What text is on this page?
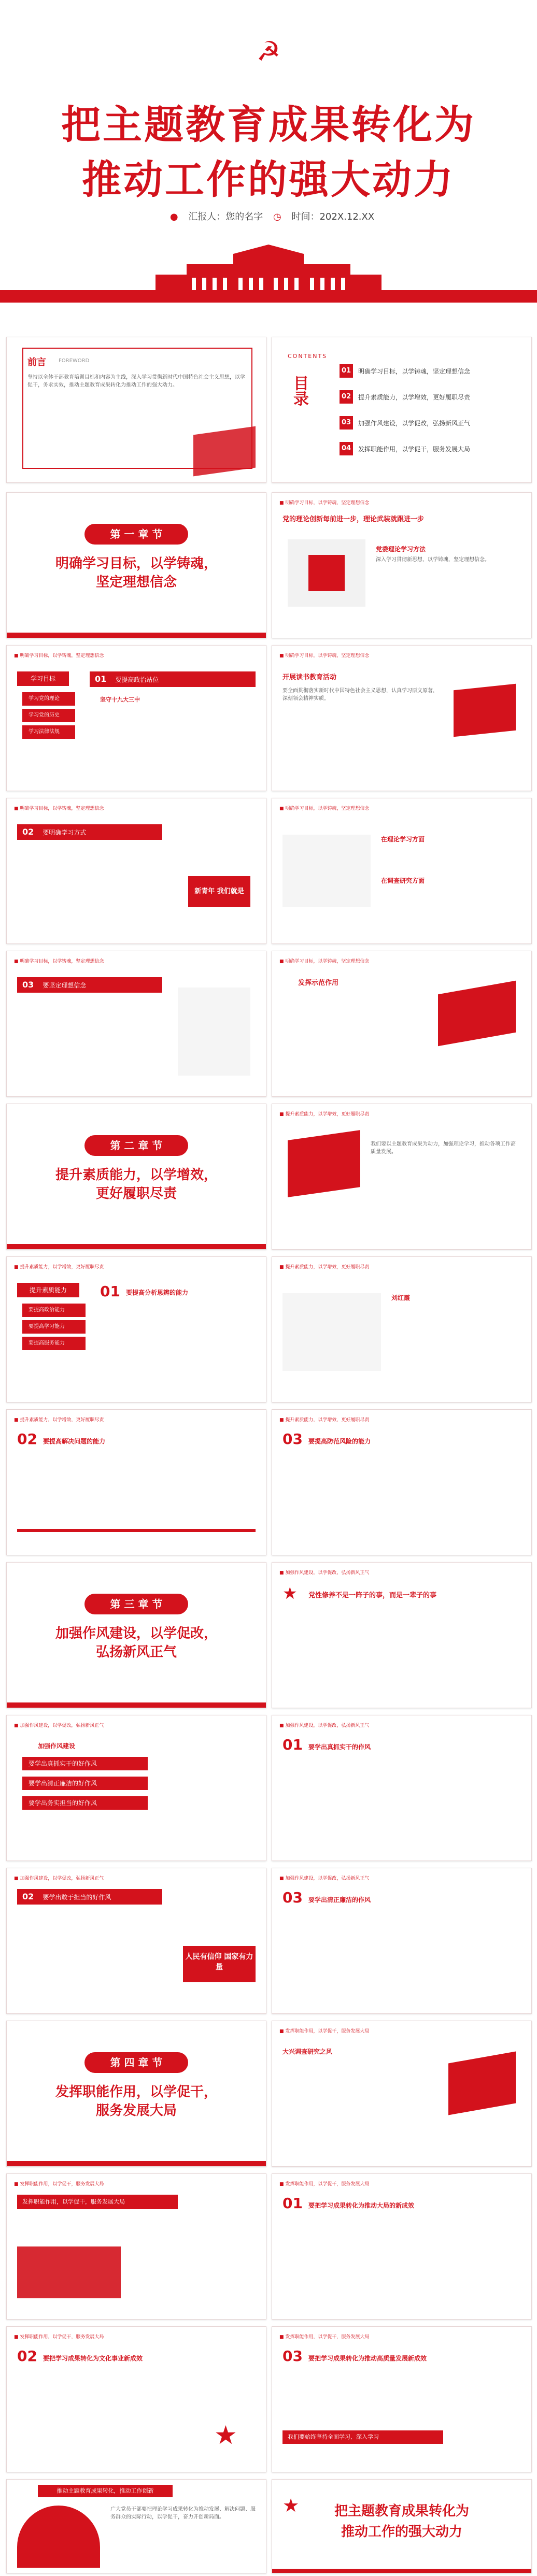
☭
把主题教育成果转化为
推动工作的强大动力
● 汇报人：您的名字 ◷ 时间：202X.12.XX
前言 FOREWORD
坚持以全体干部教育培训目标和内容为主线，深入学习贯彻新时代中国特色社会主义思想，以学促干，务求实效，推动主题教育成果转化为推动工作的强大动力。
CONTENTS
目录
01	明确学习目标，以学铸魂，坚定理想信念
02	提升素质能力，以学增效，更好履职尽责
03	加强作风建设，以学促改，弘扬新风正气
04	发挥职能作用，以学促干，服务发展大局
第 一 章 节
明确学习目标，以学铸魂，
坚定理想信念
■ 明确学习目标，以学铸魂，坚定理想信念
党的理论创新每前进一步，理论武装就跟进一步
党委理论学习方法
深入学习贯彻新思想，以学铸魂，坚定理想信念。
■ 明确学习目标，以学铸魂，坚定理想信念
学习目标
学习党的理论
学习党的历史
学习法律法规
01 要提高政治站位
坚守十九大三中
■ 明确学习目标，以学铸魂，坚定理想信念
开展读书教育活动
要全面贯彻落实新时代中国特色社会主义思想，认真学习原文原著，深刻领会精神实质。
■ 明确学习目标，以学铸魂，坚定理想信念
02 要明确学习方式
新青年 我们就是
■ 明确学习目标，以学铸魂，坚定理想信念
在理论学习方面
在调查研究方面
■ 明确学习目标，以学铸魂，坚定理想信念
03 要坚定理想信念
■ 明确学习目标，以学铸魂，坚定理想信念
发挥示范作用
第 二 章 节
提升素质能力，以学增效，
更好履职尽责
■ 提升素质能力，以学增效，更好履职尽责
我们要以主题教育成果为动力，加强理论学习，推动各项工作高质量发展。
■ 提升素质能力，以学增效，更好履职尽责
提升素质能力
要提高政治能力
要提高学习能力
要提高服务能力
01 要提高分析思辨的能力
■ 提升素质能力，以学增效，更好履职尽责
刘红霞
■ 提升素质能力，以学增效，更好履职尽责
02 要提高解决问题的能力
■ 提升素质能力，以学增效，更好履职尽责
03 要提高防范风险的能力
第 三 章 节
加强作风建设，以学促改，
弘扬新风正气
■ 加强作风建设，以学促改，弘扬新风正气
★ 党性修养不是一阵子的事，而是一辈子的事
■ 加强作风建设，以学促改，弘扬新风正气
加强作风建设
要学出真抓实干的好作风
要学出清正廉洁的好作风
要学出务实担当的好作风
■ 加强作风建设，以学促改，弘扬新风正气
01 要学出真抓实干的作风
■ 加强作风建设，以学促改，弘扬新风正气
02 要学出敢于担当的好作风
人民有信仰 国家有力量
■ 加强作风建设，以学促改，弘扬新风正气
03 要学出清正廉洁的作风
第 四 章 节
发挥职能作用，以学促干，
服务发展大局
■ 发挥职能作用，以学促干，服务发展大局
大兴调查研究之风
■ 发挥职能作用，以学促干，服务发展大局
发挥职能作用，以学促干，服务发展大局
■ 发挥职能作用，以学促干，服务发展大局
01 要把学习成果转化为推动大局的新成效
■ 发挥职能作用，以学促干，服务发展大局
02 要把学习成果转化为文化事业新成效
★
■ 发挥职能作用，以学促干，服务发展大局
03 要把学习成果转化为推动高质量发展新成效
我们要始终坚持全面学习、深入学习
推动主题教育成果转化，推动工作创新
广大党员干部要把理论学习成果转化为推动发展、解决问题、服务群众的实际行动，以学促干，奋力开创新局面。
★	把主题教育成果转化为
推动工作的强大动力
